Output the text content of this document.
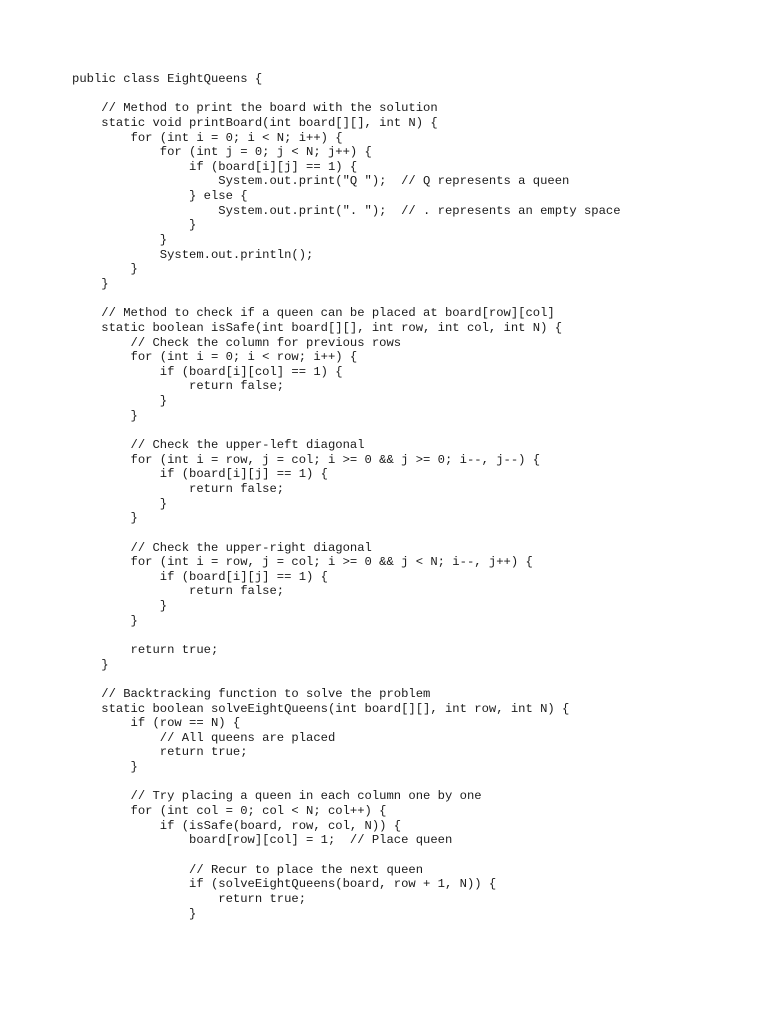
public class EightQueens {

// Method to print the board with the solution
static void printBoard(int board[][], int N) {
for (int i = 0; i < N; i++) {
for (int j = 0; j < N; j++) {
if (board[i][j] == 1) {
System.out.print("Q ");  // Q represents a queen
} else {
System.out.print(". ");  // . represents an empty space
}
}
System.out.println();
}
}

// Method to check if a queen can be placed at board[row][col]
static boolean isSafe(int board[][], int row, int col, int N) {
// Check the column for previous rows
for (int i = 0; i < row; i++) {
if (board[i][col] == 1) {
return false;
}
}

// Check the upper-left diagonal
for (int i = row, j = col; i >= 0 && j >= 0; i--, j--) {
if (board[i][j] == 1) {
return false;
}
}

// Check the upper-right diagonal
for (int i = row, j = col; i >= 0 && j < N; i--, j++) {
if (board[i][j] == 1) {
return false;
}
}

return true;
}

// Backtracking function to solve the problem
static boolean solveEightQueens(int board[][], int row, int N) {
if (row == N) {
// All queens are placed
return true;
}

// Try placing a queen in each column one by one
for (int col = 0; col < N; col++) {
if (isSafe(board, row, col, N)) {
board[row][col] = 1;  // Place queen

// Recur to place the next queen
if (solveEightQueens(board, row + 1, N)) {
return true;
}
